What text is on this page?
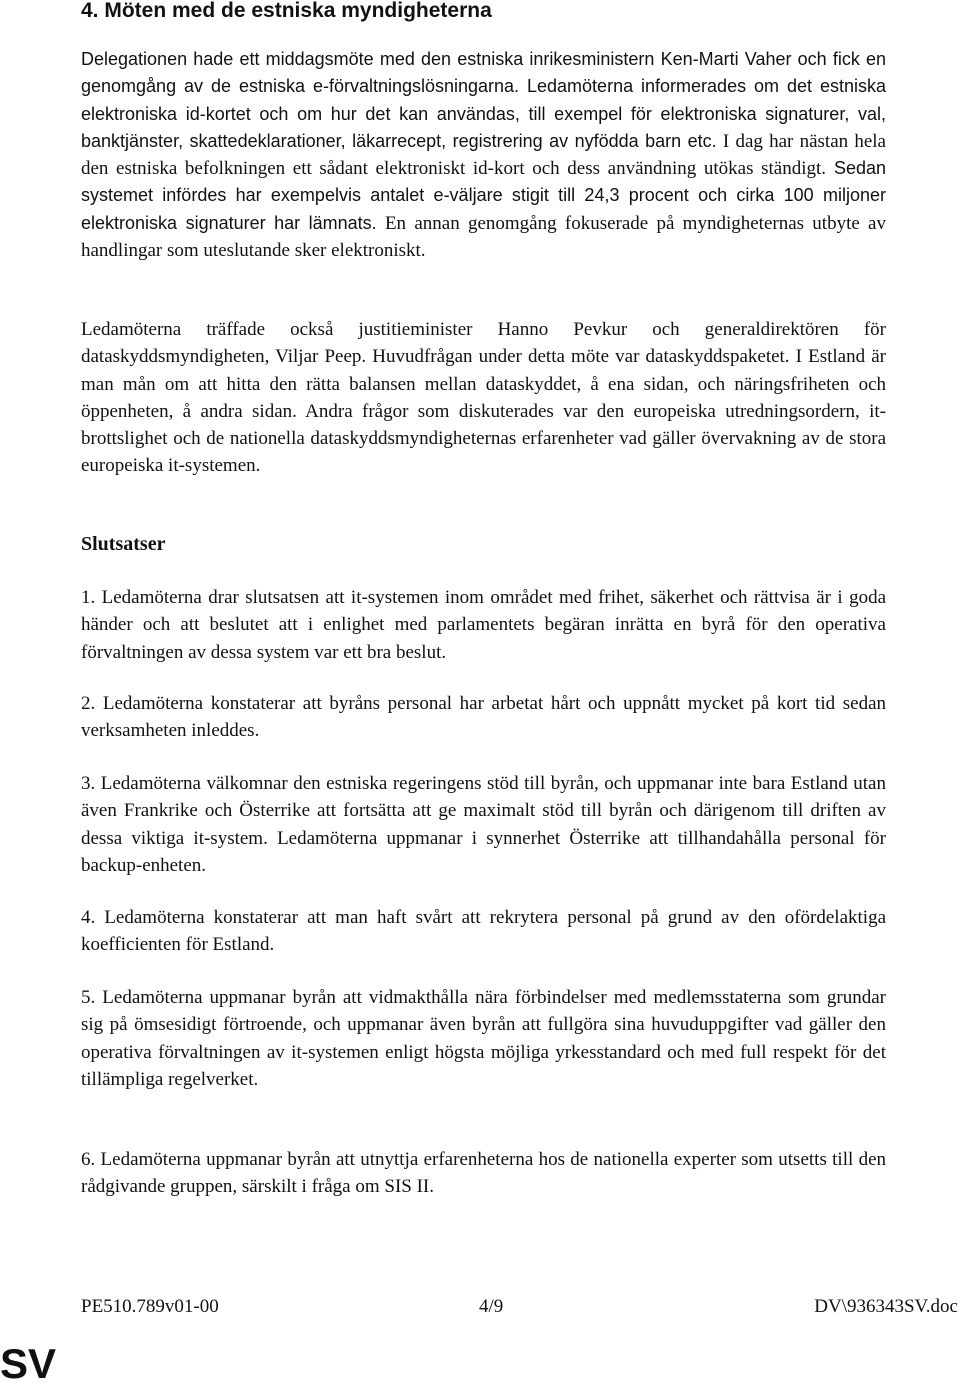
4. Möten med de estniska myndigheterna

Delegationen hade ett middagsmöte med den estniska inrikesministern Ken-Marti Vaher och fick en genomgång av de estniska e-förvaltningslösningarna. Ledamöterna informerades om det estniska elektroniska id-kortet och om hur det kan användas, till exempel för elektroniska signaturer, val, banktjänster, skattedeklarationer, läkarrecept, registrering av nyfödda barn etc. I dag har nästan hela den estniska befolkningen ett sådant elektroniskt id-kort och dess användning utökas ständigt. Sedan systemet infördes har exempelvis antalet e-väljare stigit till 24,3 procent och cirka 100 miljoner elektroniska signaturer har lämnats. En annan genomgång fokuserade på myndigheternas utbyte av handlingar som uteslutande sker elektroniskt.

Ledamöterna träffade också justitieminister Hanno Pevkur och generaldirektören för dataskyddsmyndigheten, Viljar Peep. Huvudfrågan under detta möte var dataskyddspaketet. I Estland är man mån om att hitta den rätta balansen mellan dataskyddet, å ena sidan, och näringsfriheten och öppenheten, å andra sidan. Andra frågor som diskuterades var den europeiska utredningsordern, it-brottslighet och de nationella dataskyddsmyndigheternas erfarenheter vad gäller övervakning av de stora europeiska it-systemen.

Slutsatser

1. Ledamöterna drar slutsatsen att it-systemen inom området med frihet, säkerhet och rättvisa är i goda händer och att beslutet att i enlighet med parlamentets begäran inrätta en byrå för den operativa förvaltningen av dessa system var ett bra beslut.

2. Ledamöterna konstaterar att byråns personal har arbetat hårt och uppnått mycket på kort tid sedan verksamheten inleddes.

3. Ledamöterna välkomnar den estniska regeringens stöd till byrån, och uppmanar inte bara Estland utan även Frankrike och Österrike att fortsätta att ge maximalt stöd till byrån och därigenom till driften av dessa viktiga it-system. Ledamöterna uppmanar i synnerhet Österrike att tillhandahålla personal för backup-enheten.

4. Ledamöterna konstaterar att man haft svårt att rekrytera personal på grund av den ofördelaktiga koefficienten för Estland.

5. Ledamöterna uppmanar byrån att vidmakthålla nära förbindelser med medlemsstaterna som grundar sig på ömsesidigt förtroende, och uppmanar även byrån att fullgöra sina huvuduppgifter vad gäller den operativa förvaltningen av it-systemen enligt högsta möjliga yrkesstandard och med full respekt för det tillämpliga regelverket.

6. Ledamöterna uppmanar byrån att utnyttja erfarenheterna hos de nationella experter som utsetts till den rådgivande gruppen, särskilt i fråga om SIS II.

PE510.789v01-00	4/9	DV\936343SV.doc
SV
